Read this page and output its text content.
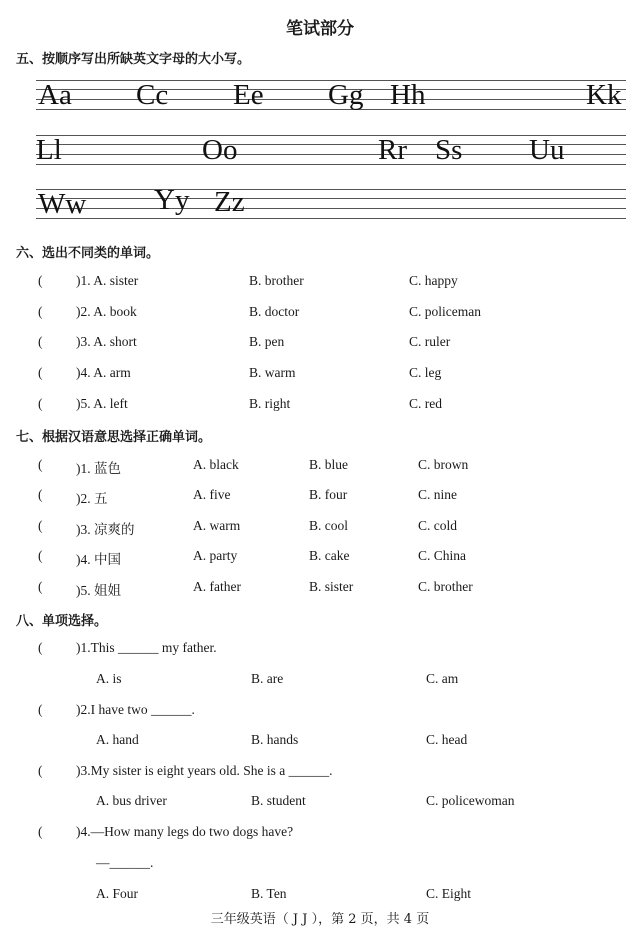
笔试部分
五、按顺序写出所缺英文字母的大小写。
Aa Cc Ee Gg Hh	Kk
Ll	Oo	Rr Ss Uu
Ww Yy Zz
六、选出不同类的单词。
( )1. A. sister	B. brother	C. happy
( )2. A. book	B. doctor	C. policeman
( )3. A. short	B. pen	C. ruler
( )4. A. arm	B. warm	C. leg
( )5. A. left	B. right	C. red
七、根据汉语意思选择正确单词。
( )1. 蓝色	A. black	B. blue	C. brown
( )2. 五	A. five	B. four	C. nine
( )3. 凉爽的	A. warm	B. cool	C. cold
( )4. 中国	A. party	B. cake	C. China
( )5. 姐姐	A. father	B. sister	C. brother
八、单项选择。
( )1.This ______ my father.
A. is	B. are	C. am
( )2.I have two ______.
A. hand	B. hands	C. head
( )3.My sister is eight years old. She is a ______.
A. bus driver	B. student	C. policewoman
( )4.—How many legs do two dogs have?
—______.
A. Four	B. Ten	C. Eight
三年级英语（ J J ），第 2 页，共 4 页
